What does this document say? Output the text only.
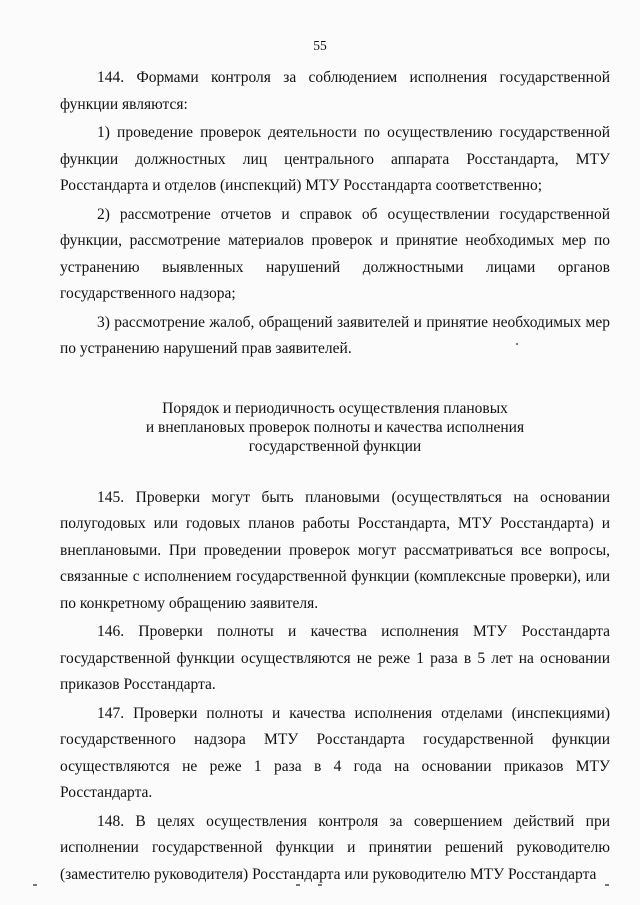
55

144. Формами контроля за соблюдением исполнения государственной функции являются:

1) проведение проверок деятельности по осуществлению государственной функции должностных лиц центрального аппарата Росстандарта, МТУ Росстандарта и отделов (инспекций) МТУ Росстандарта соответственно;

2) рассмотрение отчетов и справок об осуществлении государственной функции, рассмотрение материалов проверок и принятие необходимых мер по устранению выявленных нарушений должностными лицами органов государственного надзора;

3) рассмотрение жалоб, обращений заявителей и принятие необходимых мер по устранению нарушений прав заявителей.

Порядок и периодичность осуществления плановых
и внеплановых проверок полноты и качества исполнения
государственной функции

145. Проверки могут быть плановыми (осуществляться на основании полугодовых или годовых планов работы Росстандарта, МТУ Росстандарта) и внеплановыми. При проведении проверок могут рассматриваться все вопросы, связанные с исполнением государственной функции (комплексные проверки), или по конкретному обращению заявителя.

146. Проверки полноты и качества исполнения МТУ Росстандарта государственной функции осуществляются не реже 1 раза в 5 лет на основании приказов Росстандарта.

147. Проверки полноты и качества исполнения отделами (инспекциями) государственного надзора МТУ Росстандарта государственной функции осуществляются не реже 1 раза в 4 года на основании приказов МТУ Росстандарта.

148. В целях осуществления контроля за совершением действий при исполнении государственной функции и принятии решений руководителю (заместителю руководителя) Росстандарта или руководителю МТУ Росстандарта
